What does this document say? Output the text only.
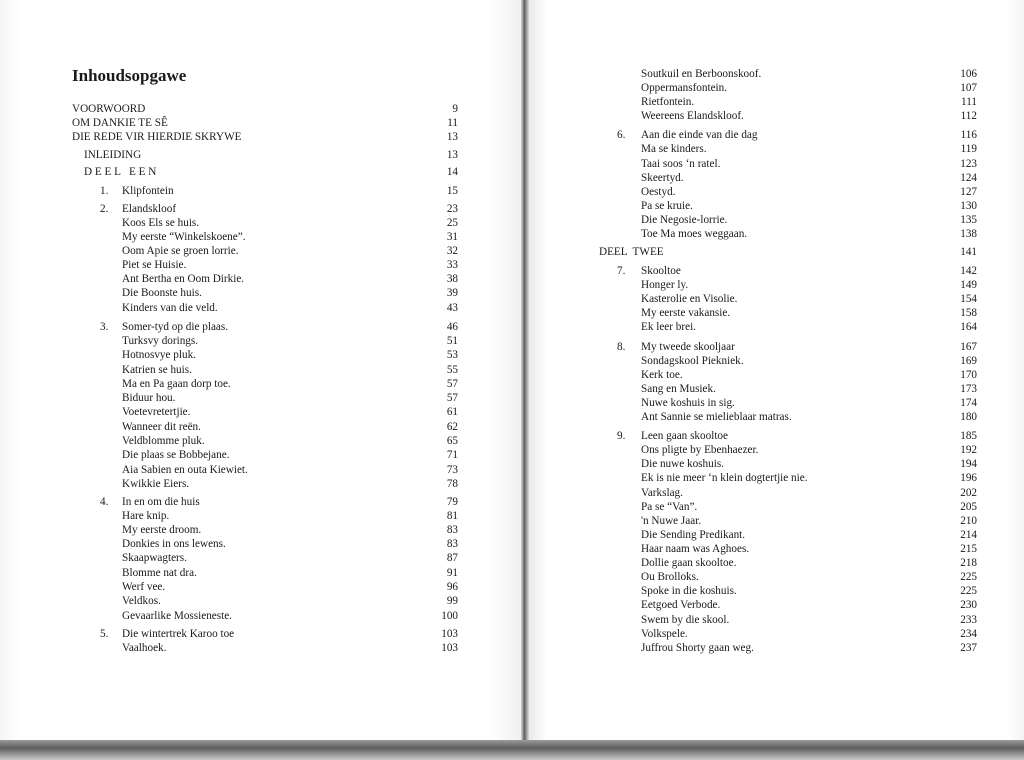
Inhoudsopgawe
VOORWOORD	9
OM DANKIE TE SÊ	11
DIE REDE VIR HIERDIE SKRYWE	13
INLEIDING	13
D E E L   E E N	14
1. Klipfontein	15
2. Elandskloof	23
Koos Els se huis.	25
My eerste “Winkelskoene”.	31
Oom Apie se groen lorrie.	32
Piet se Huisie.	33
Ant Bertha en Oom Dirkie.	38
Die Boonste huis.	39
Kinders van die veld.	43
3. Somer-tyd op die plaas.	46
Turksvy dorings.	51
Hotnosvye pluk.	53
Katrien se huis.	55
Ma en Pa gaan dorp toe.	57
Biduur hou.	57
Voetevretertjie.	61
Wanneer dit reën.	62
Veldblomme pluk.	65
Die plaas se Bobbejane.	71
Aia Sabien en outa Kiewiet.	73
Kwikkie Eiers.	78
4. In en om die huis	79
Hare knip.	81
My eerste droom.	83
Donkies in ons lewens.	83
Skaapwagters.	87
Blomme nat dra.	91
Werf vee.	96
Veldkos.	99
Gevaarlike Mossieneste.	100
5. Die wintertrek Karoo toe	103
Vaalhoek.	103
Soutkuil en Berboonskoof.	106
Oppermansfontein.	107
Rietfontein.	111
Weereens Elandskloof.	112
6. Aan die einde van die dag	116
Ma se kinders.	119
Taai soos ‘n ratel.	123
Skeertyd.	124
Oestyd.	127
Pa se kruie.	130
Die Negosie-lorrie.	135
Toe Ma moes weggaan.	138
DEEL  TWEE	141
7. Skooltoe	142
Honger ly.	149
Kasterolie en Visolie.	154
My eerste vakansie.	158
Ek leer brei.	164
8. My tweede skooljaar	167
Sondagskool Piekniek.	169
Kerk toe.	170
Sang en Musiek.	173
Nuwe koshuis in sig.	174
Ant Sannie se mielieblaar matras.	180
9. Leen gaan skooltoe	185
Ons pligte by Ebenhaezer.	192
Die nuwe koshuis.	194
Ek is nie meer ‘n klein dogtertjie nie.	196
Varkslag.	202
Pa se “Van”.	205
'n Nuwe Jaar.	210
Die Sending Predikant.	214
Haar naam was Aghoes.	215
Dollie gaan skooltoe.	218
Ou Brolloks.	225
Spoke in die koshuis.	225
Eetgoed Verbode.	230
Swem by die skool.	233
Volkspele.	234
Juffrou Shorty gaan weg.	237
